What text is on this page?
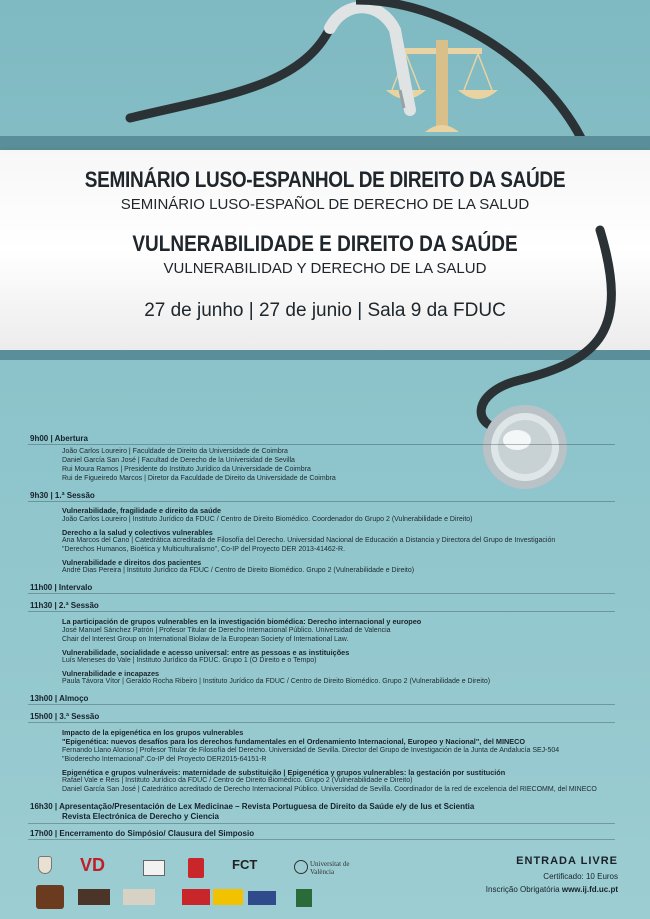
SEMINÁRIO LUSO-ESPANHOL DE DIREITO DA SAÚDE
SEMINÁRIO LUSO-ESPAÑOL DE DERECHO DE LA SALUD
VULNERABILIDADE E DIREITO DA SAÚDE
VULNERABILIDAD Y DERECHO DE LA SALUD
27 de junho | 27 de junio | Sala 9 da FDUC
9h00 | Abertura
João Carlos Loureiro | Faculdade de Direito da Universidade de Coimbra
Daniel García San José | Facultad de Derecho de la Universidad de Sevilla
Rui Moura Ramos | Presidente do Instituto Jurídico da Universidade de Coimbra
Rui de Figueiredo Marcos | Diretor da Faculdade de Direito da Universidade de Coimbra
9h30 | 1.ª Sessão
Vulnerabilidade, fragilidade e direito da saúde
João Carlos Loureiro | Instituto Jurídico da FDUC / Centro de Direito Biomédico. Coordenador do Grupo 2 (Vulnerabilidade e Direito)
Derecho a la salud y colectivos vulnerables
Ana Marcos del Cano | Catedrática acreditada de Filosofía del Derecho. Universidad Nacional de Educación a Distancia y Directora del Grupo de Investigación
"Derechos Humanos, Bioética y Multiculturalismo", Co-IP del Proyecto DER 2013-41462-R.
Vulnerabilidade e direitos dos pacientes
André Dias Pereira | Instituto Jurídico da FDUC / Centro de Direito Biomédico. Grupo 2 (Vulnerabilidade e Direito)
11h00 | Intervalo
11h30 | 2.ª Sessão
La participación de grupos vulnerables en la investigación biomédica: Derecho internacional y europeo
José Manuel Sánchez Patrón | Profesor Titular de Derecho Internacional Público. Universidad de Valencia
Chair del Interest Group on International Biolaw de la European Society of International Law.
Vulnerabilidade, socialidade e acesso universal: entre as pessoas e as instituições
Luís Meneses do Vale | Instituto Jurídico da FDUC. Grupo 1 (O Direito e o Tempo)
Vulnerabilidade e incapazes
Paula Távora Vítor | Geraldo Rocha Ribeiro | Instituto Jurídico da FDUC / Centro de Direito Biomédico. Grupo 2 (Vulnerabilidade e Direito)
13h00 | Almoço
15h00 | 3.ª Sessão
Impacto de la epigenética en los grupos vulnerables
"Epigenética: nuevos desafíos para los derechos fundamentales en el Ordenamiento Internacional, Europeo y Nacional", del MINECO
Fernando Llano Alonso | Profesor Titular de Filosofía del Derecho. Universidad de Sevilla. Director del Grupo de Investigación de la Junta de Andalucía SEJ-504
"Bioderecho Internacional".Co-IP del Proyecto DER2015-64151-R
Epigenética e grupos vulneráveis: maternidade de substituição | Epigenética y grupos vulnerables: la gestación por sustitución
Rafael Vale e Reis | Instituto Jurídico da FDUC / Centro de Direito Biomédico. Grupo 2 (Vulnerabilidade e Direito)
Daniel García San José | Catedrático acreditado de Derecho Internacional Público. Universidad de Sevilla. Coordinador de la red de excelencia del RIECOMM, del MINECO
16h30 | Apresentação/Presentación de Lex Medicinae – Revista Portuguesa de Direito da Saúde e/y de Ius et Scientia
Revista Electrónica de Derecho y Ciencia
17h00 | Encerramento do Simpósio/ Clausura del Simposio
VD	FCT	Universitat de València
ENTRADA LIVRE
Certificado: 10 Euros
Inscrição Obrigatória www.ij.fd.uc.pt
